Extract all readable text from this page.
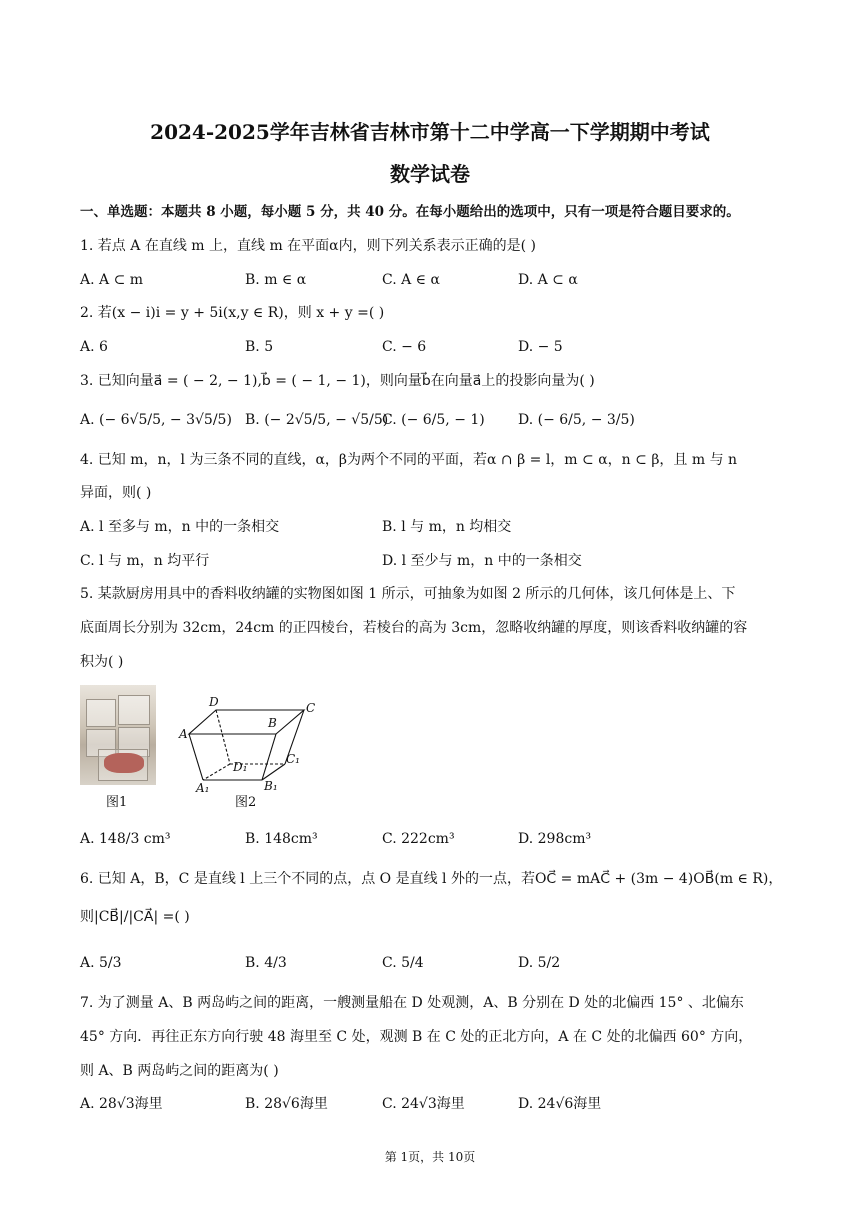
2024-2025学年吉林省吉林市第十二中学高一下学期期中考试
数学试卷
一、单选题：本题共 8 小题，每小题 5 分，共 40 分。在每小题给出的选项中，只有一项是符合题目要求的。
1. 若点 A 在直线 m 上，直线 m 在平面α内，则下列关系表示正确的是( )
A. A ⊂ m	B. m ∈ α	C. A ∈ α	D. A ⊂ α
2. 若(x − i)i = y + 5i(x,y ∈ R)，则 x + y =( )
A. 6	B. 5	C. − 6	D. − 5
3. 已知向量a⃗ = ( − 2, − 1),b⃗ = ( − 1, − 1)，则向量b⃗在向量a⃗上的投影向量为( )
A. (− 6√5/5, − 3√5/5) B. (− 2√5/5, − √5/5)
C. (− 6/5, − 1) D. (− 6/5, − 3/5)
4. 已知 m，n，l 为三条不同的直线，α，β为两个不同的平面，若α ∩ β = l，m ⊂ α，n ⊂ β，且 m 与 n
异面，则( )
A. l 至多与 m，n 中的一条相交	B. l 与 m，n 均相交
C. l 与 m，n 均平行	D. l 至少与 m，n 中的一条相交
5. 某款厨房用具中的香料收纳罐的实物图如图 1 所示，可抽象为如图 2 所示的几何体，该几何体是上、下
底面周长分别为 32cm，24cm 的正四棱台，若棱台的高为 3cm，忽略收纳罐的厚度，则该香料收纳罐的容
积为( )
图1
D	C
A
B
D₁
C₁
A₁	B₁
图2
A. 148/3 cm³	B. 148cm³	C. 222cm³	D. 298cm³
6. 已知 A，B，C 是直线 l 上三个不同的点，点 O 是直线 l 外的一点，若OC⃗ = mAC⃗ + (3m − 4)OB⃗(m ∈ R)，
则|CB⃗|/|CA⃗| =( )
A. 5/3	B. 4/3	C. 5/4	D. 5/2
7. 为了测量 A、B 两岛屿之间的距离，一艘测量船在 D 处观测，A、B 分别在 D 处的北偏西 15° 、北偏东
45° 方向．再往正东方向行驶 48 海里至 C 处，观测 B 在 C 处的正北方向，A 在 C 处的北偏西 60° 方向，
则 A、B 两岛屿之间的距离为( )
A. 28√3海里	B. 28√6海里	C. 24√3海里	D. 24√6海里
第 1页，共 10页
